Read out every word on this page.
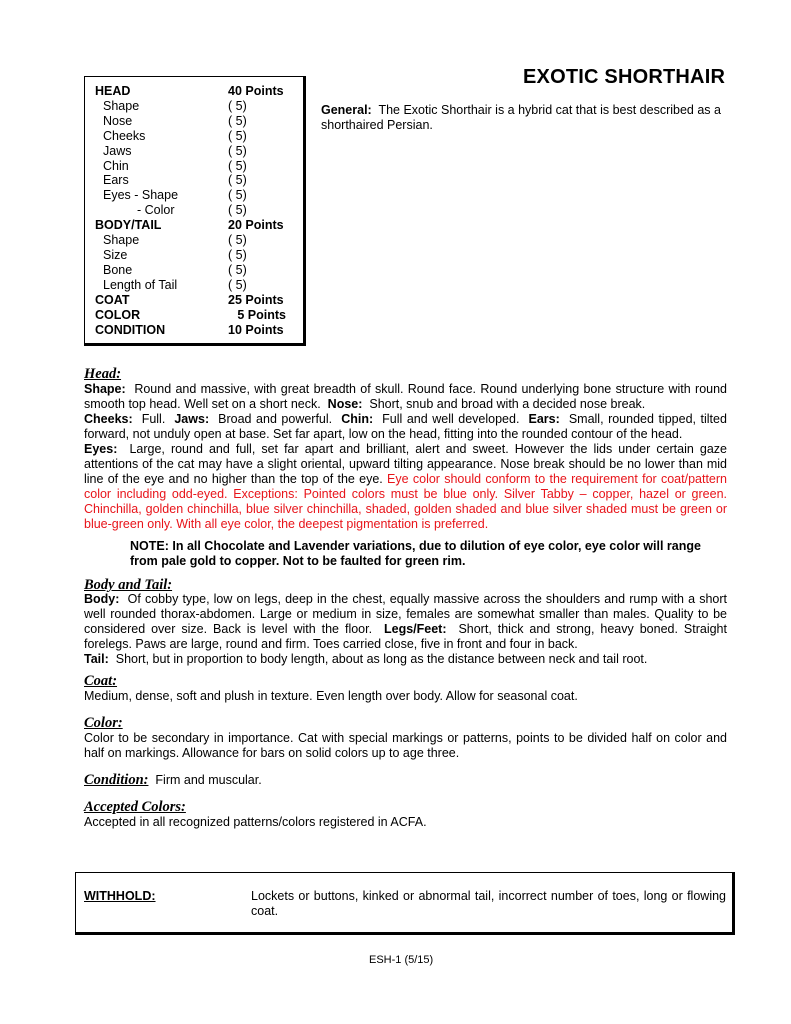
HEAD	40 Points
Shape	( 5)
Nose	( 5)
Cheeks	( 5)
Jaws	( 5)
Chin	( 5)
Ears	( 5)
Eyes - Shape	( 5)
- Color	( 5)
BODY/TAIL	20 Points
Shape	( 5)
Size	( 5)
Bone	( 5)
Length of Tail	( 5)
COAT	25 Points
COLOR	5 Points
CONDITION	10 Points
EXOTIC SHORTHAIR
General: The Exotic Shorthair is a hybrid cat that is best described as a shorthaired Persian.
Head:
Shape: Round and massive, with great breadth of skull. Round face. Round underlying bone structure with round smooth top head. Well set on a short neck. Nose: Short, snub and broad with a decided nose break.
Cheeks: Full. Jaws: Broad and powerful. Chin: Full and well developed. Ears: Small, rounded tipped, tilted forward, not unduly open at base. Set far apart, low on the head, fitting into the rounded contour of the head.
Eyes: Large, round and full, set far apart and brilliant, alert and sweet. However the lids under certain gaze attentions of the cat may have a slight oriental, upward tilting appearance. Nose break should be no lower than mid line of the eye and no higher than the top of the eye. Eye color should conform to the requirement for coat/pattern color including odd-eyed. Exceptions: Pointed colors must be blue only. Silver Tabby – copper, hazel or green. Chinchilla, golden chinchilla, blue silver chinchilla, shaded, golden shaded and blue silver shaded must be green or blue-green only. With all eye color, the deepest pigmentation is preferred.
NOTE: In all Chocolate and Lavender variations, due to dilution of eye color, eye color will range from pale gold to copper. Not to be faulted for green rim.
Body and Tail:
Body: Of cobby type, low on legs, deep in the chest, equally massive across the shoulders and rump with a short well rounded thorax-abdomen. Large or medium in size, females are somewhat smaller than males. Quality to be considered over size. Back is level with the floor. Legs/Feet: Short, thick and strong, heavy boned. Straight forelegs. Paws are large, round and firm. Toes carried close, five in front and four in back.
Tail: Short, but in proportion to body length, about as long as the distance between neck and tail root.
Coat:
Medium, dense, soft and plush in texture. Even length over body. Allow for seasonal coat.
Color:
Color to be secondary in importance. Cat with special markings or patterns, points to be divided half on color and half on markings. Allowance for bars on solid colors up to age three.
Condition: Firm and muscular.
Accepted Colors:
Accepted in all recognized patterns/colors registered in ACFA.
WITHHOLD:	Lockets or buttons, kinked or abnormal tail, incorrect number of toes, long or flowing coat.
ESH-1 (5/15)
